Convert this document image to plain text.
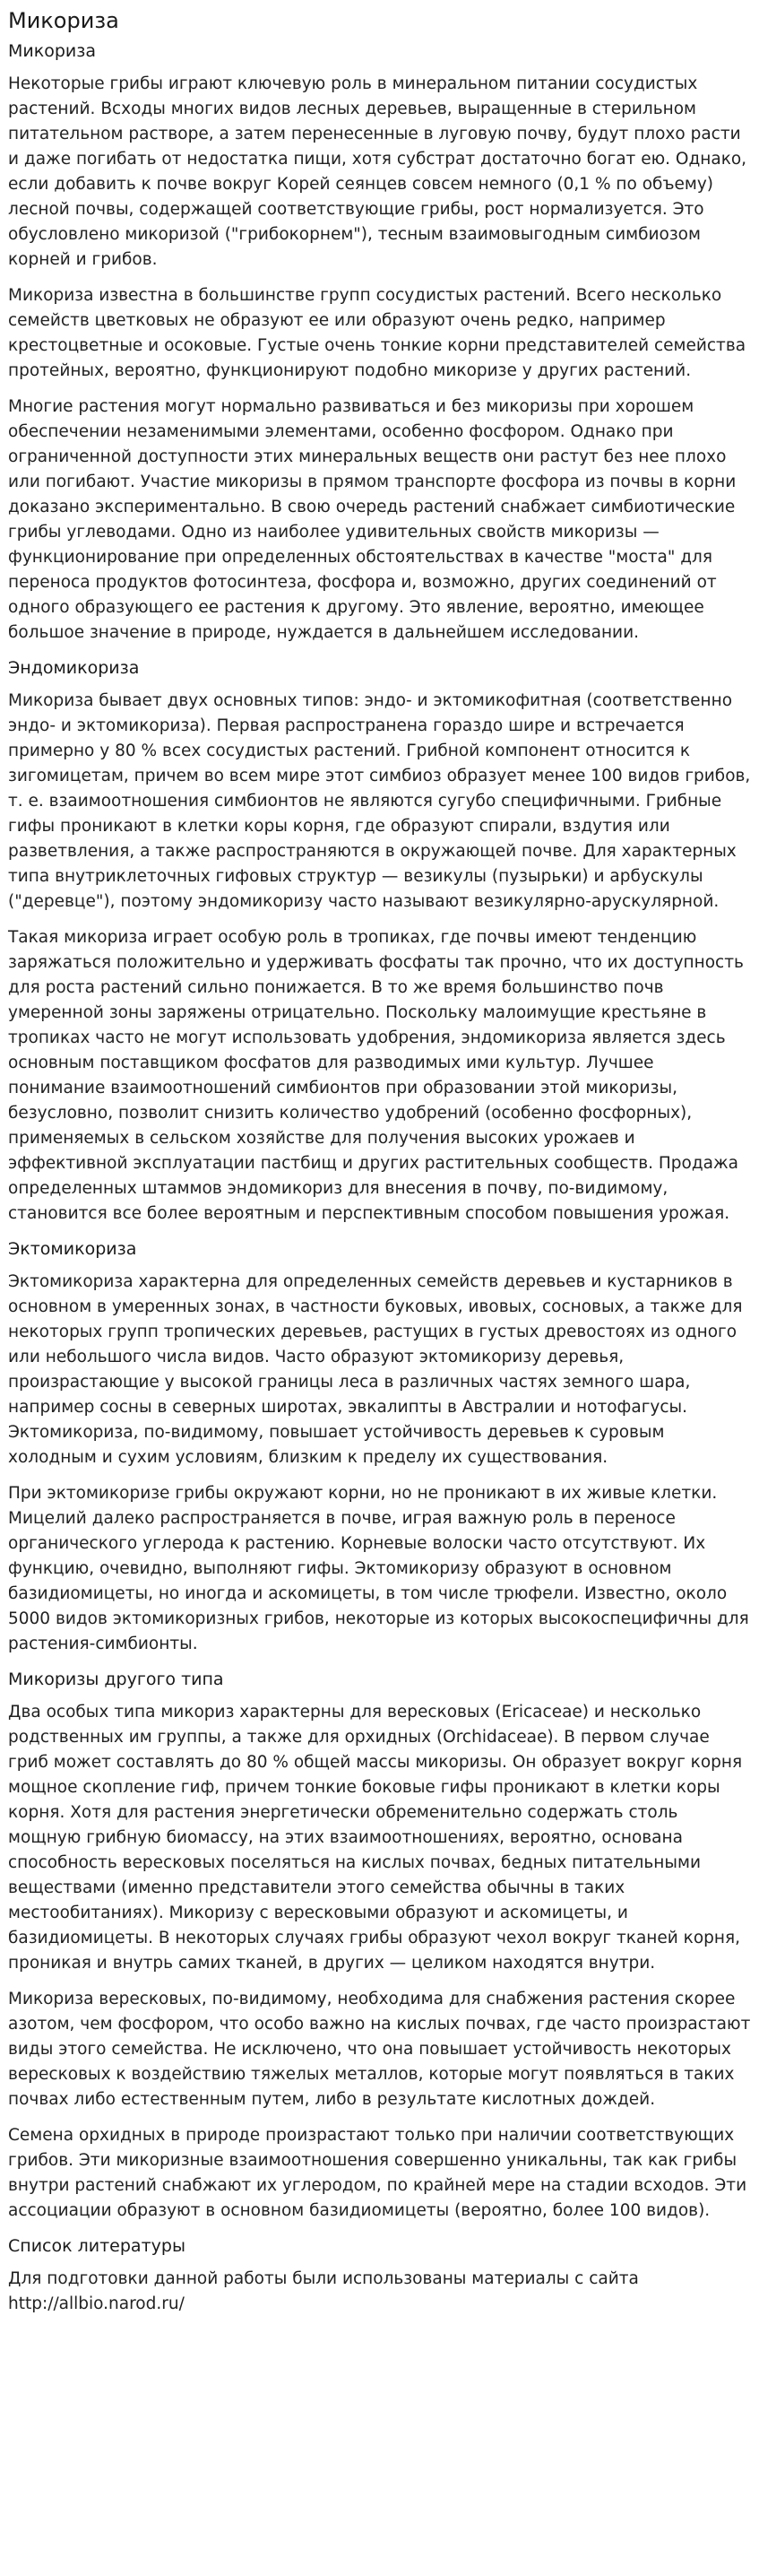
Микориза
Микориза

Некоторые грибы играют ключевую роль в минеральном питании сосудистых растений. Всходы многих видов лесных деревьев, выращенные в стерильном питательном растворе, а затем перенесенные в луговую почву, будут плохо расти и даже погибать от недостатка пищи, хотя субстрат достаточно богат ею. Однако, если добавить к почве вокруг Корей сеянцев совсем немного (0,1 % по объему) лесной почвы, содержащей соответствующие грибы, рост нормализуется. Это обусловлено микоризой ("грибокорнем"), тесным взаимовыгодным симбиозом корней и грибов.

Микориза известна в большинстве групп сосудистых растений. Всего несколько семейств цветковых не образуют ее или образуют очень редко, например крестоцветные и осоковые. Густые очень тонкие корни представителей семейства протейных, вероятно, функционируют подобно микоризе у других растений.

Многие растения могут нормально развиваться и без микоризы при хорошем обеспечении незаменимыми элементами, особенно фосфором. Однако при ограниченной доступности этих минеральных веществ они растут без нее плохо или погибают. Участие микоризы в прямом транспорте фосфора из почвы в корни доказано экспериментально. В свою очередь растений снабжает симбиотические грибы углеводами. Одно из наиболее удивительных свойств микоризы — функционирование при определенных обстоятельствах в качестве "моста" для переноса продуктов фотосинтеза, фосфора и, возможно, других соединений от одного образующего ее растения к другому. Это явление, вероятно, имеющее большое значение в природе, нуждается в дальнейшем исследовании.

Эндомикориза

Микориза бывает двух основных типов: эндо- и эктомикофитная (соответственно эндо- и эктомикориза). Первая распространена гораздо шире и встречается примерно у 80 % всех сосудистых растений. Грибной компонент относится к зигомицетам, причем во всем мире этот симбиоз образует менее 100 видов грибов, т. е. взаимоотношения симбионтов не являются сугубо специфичными. Грибные гифы проникают в клетки коры корня, где образуют спирали, вздутия или разветвления, а также распространяются в окружающей почве. Для характерных типа внутриклеточных гифовых структур — везикулы (пузырьки) и арбускулы ("деревце"), поэтому эндомикоризу часто называют везикулярно-арускулярной.

Такая микориза играет особую роль в тропиках, где почвы имеют тенденцию заряжаться положительно и удерживать фосфаты так прочно, что их доступность для роста растений сильно понижается. В то же время большинство почв умеренной зоны заряжены отрицательно. Поскольку малоимущие крестьяне в тропиках часто не могут использовать удобрения, эндомикориза является здесь основным поставщиком фосфатов для разводимых ими культур. Лучшее понимание взаимоотношений симбионтов при образовании этой микоризы, безусловно, позволит снизить количество удобрений (особенно фосфорных), применяемых в сельском хозяйстве для получения высоких урожаев и эффективной эксплуатации пастбищ и других растительных сообществ. Продажа определенных штаммов эндомикориз для внесения в почву, по-видимому, становится все более вероятным и перспективным способом повышения урожая.

Эктомикориза

Эктомикориза характерна для определенных семейств деревьев и кустарников в основном в умеренных зонах, в частности буковых, ивовых, сосновых, а также для некоторых групп тропических деревьев, растущих в густых древостоях из одного или небольшого числа видов. Часто образуют эктомикоризу деревья, произрастающие у высокой границы леса в различных частях земного шара, например сосны в северных широтах, эвкалипты в Австралии и нотофагусы. Эктомикориза, по-видимому, повышает устойчивость деревьев к суровым холодным и сухим условиям, близким к пределу их существования.

При эктомикоризе грибы окружают корни, но не проникают в их живые клетки. Мицелий далеко распространяется в почве, играя важную роль в переносе органического углерода к растению. Корневые волоски часто отсутствуют. Их функцию, очевидно, выполняют гифы. Эктомикоризу образуют в основном базидиомицеты, но иногда и аскомицеты, в том числе трюфели. Известно, около 5000 видов эктомикоризных грибов, некоторые из которых высокоспецифичны для растения-симбионты.

Микоризы другого типа

Два особых типа микориз характерны для вересковых (Ericaceae) и несколько родственных им группы, а также для орхидных (Orchidaceae). В первом случае гриб может составлять до 80 % общей массы микоризы. Он образует вокруг корня мощное скопление гиф, причем тонкие боковые гифы проникают в клетки коры корня. Хотя для растения энергетически обременительно содержать столь мощную грибную биомассу, на этих взаимоотношениях, вероятно, основана способность вересковых поселяться на кислых почвах, бедных питательными веществами (именно представители этого семейства обычны в таких местообитаниях). Микоризу с вересковыми образуют и аскомицеты, и базидиомицеты. В некоторых случаях грибы образуют чехол вокруг тканей корня, проникая и внутрь самих тканей, в других — целиком находятся внутри.

Микориза вересковых, по-видимому, необходима для снабжения растения скорее азотом, чем фосфором, что особо важно на кислых почвах, где часто произрастают виды этого семейства. Не исключено, что она повышает устойчивость некоторых вересковых к воздействию тяжелых металлов, которые могут появляться в таких почвах либо естественным путем, либо в результате кислотных дождей.

Семена орхидных в природе произрастают только при наличии соответствующих грибов. Эти микоризные взаимоотношения совершенно уникальны, так как грибы внутри растений снабжают их углеродом, по крайней мере на стадии всходов. Эти ассоциации образуют в основном базидиомицеты (вероятно, более 100 видов).

Список литературы

Для подготовки данной работы были использованы материалы с сайта http://allbio.narod.ru/
